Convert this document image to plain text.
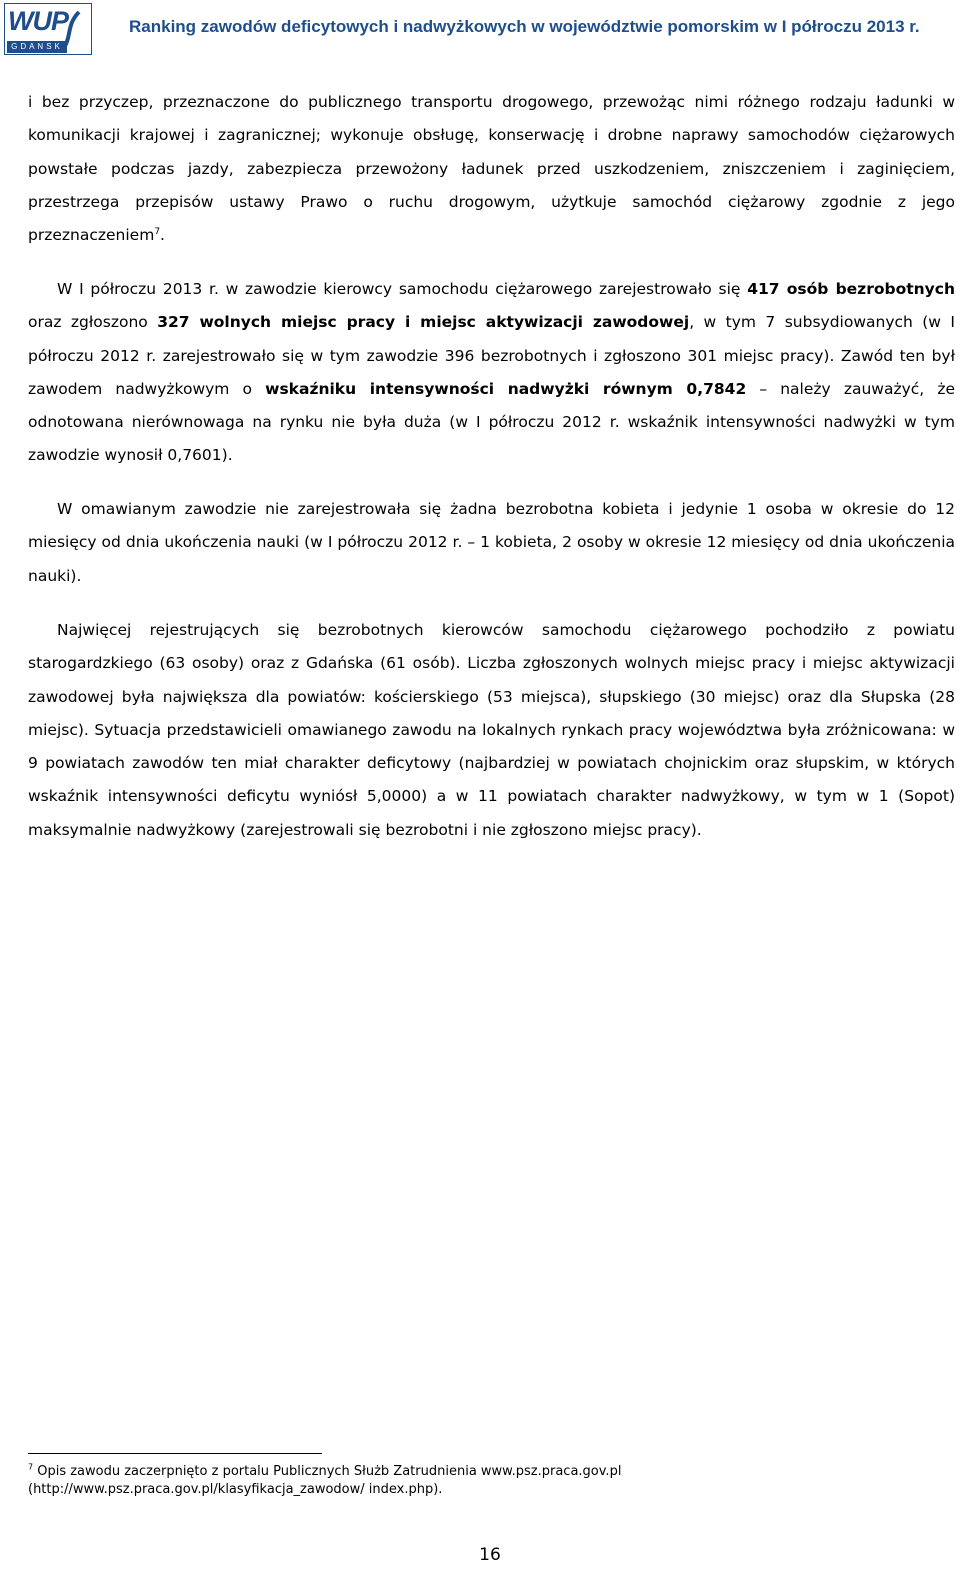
WUP
GDANSK
Ranking zawodów deficytowych i nadwyżkowych w województwie pomorskim w I półroczu 2013 r.
i bez przyczep, przeznaczone do publicznego transportu drogowego, przewożąc nimi różnego rodzaju ładunki w komunikacji krajowej i zagranicznej; wykonuje obsługę, konserwację i drobne naprawy samochodów ciężarowych powstałe podczas jazdy, zabezpiecza przewożony ładunek przed uszkodzeniem, zniszczeniem i zaginięciem, przestrzega przepisów ustawy Prawo o ruchu drogowym, użytkuje samochód ciężarowy zgodnie z jego przeznaczeniem$^7$.
W I półroczu 2013 r. w zawodzie kierowcy samochodu ciężarowego zarejestrowało się 417 osób bezrobotnych oraz zgłoszono 327 wolnych miejsc pracy i miejsc aktywizacji zawodowej, w tym 7 subsydiowanych (w I półroczu 2012 r. zarejestrowało się w tym zawodzie 396 bezrobotnych i zgłoszono 301 miejsc pracy). Zawód ten był zawodem nadwyżkowym o wskaźniku intensywności nadwyżki równym 0,7842 – należy zauważyć, że odnotowana nierównowaga na rynku nie była duża (w I półroczu 2012 r. wskaźnik intensywności nadwyżki w tym zawodzie wynosił 0,7601).
W omawianym zawodzie nie zarejestrowała się żadna bezrobotna kobieta i jedynie 1 osoba w okresie do 12 miesięcy od dnia ukończenia nauki (w I półroczu 2012 r. – 1 kobieta, 2 osoby w okresie 12 miesięcy od dnia ukończenia nauki).
Najwięcej rejestrujących się bezrobotnych kierowców samochodu ciężarowego pochodziło z powiatu starogardzkiego (63 osoby) oraz z Gdańska (61 osób). Liczba zgłoszonych wolnych miejsc pracy i miejsc aktywizacji zawodowej była największa dla powiatów: kościerskiego (53 miejsca), słupskiego (30 miejsc) oraz dla Słupska (28 miejsc). Sytuacja przedstawicieli omawianego zawodu na lokalnych rynkach pracy województwa była zróżnicowana: w 9 powiatach zawodów ten miał charakter deficytowy (najbardziej w powiatach chojnickim oraz słupskim, w których wskaźnik intensywności deficytu wyniósł 5,0000) a w 11 powiatach charakter nadwyżkowy, w tym w 1 (Sopot) maksymalnie nadwyżkowy (zarejestrowali się bezrobotni i nie zgłoszono miejsc pracy).
$^7$ Opis zawodu zaczerpnięto z portalu Publicznych Służb Zatrudnienia www.psz.praca.gov.pl (http://www.psz.praca.gov.pl/klasyfikacja_zawodow/ index.php).
16
